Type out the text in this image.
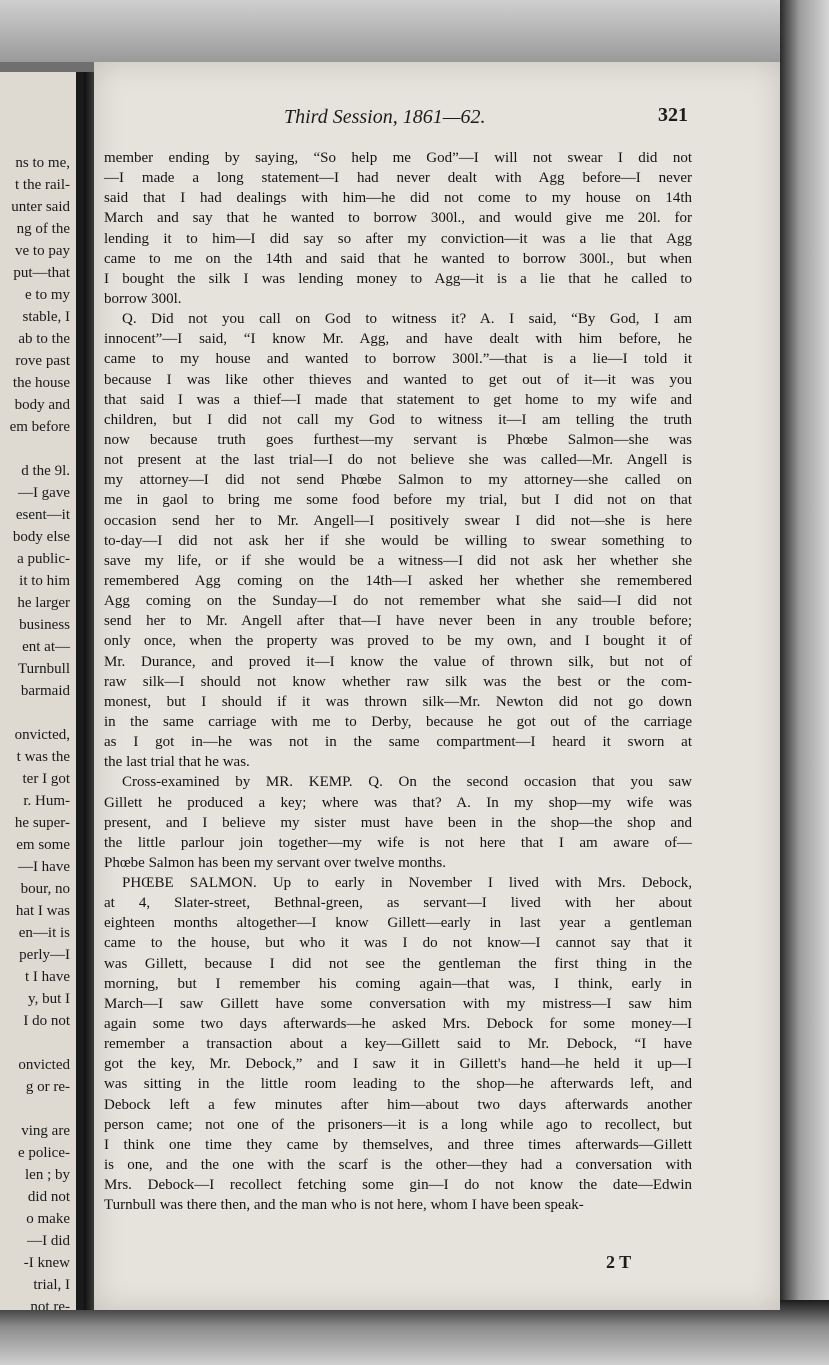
ns to me,
t the rail-
unter said
ng of the
ve to pay
put—that
e to my
stable, I
ab to the
rove past
the house
body and
em before
d the 9l.
—I gave
esent—it
body else
a public-
it to him
he larger
business
ent at—
Turnbull
barmaid
onvicted,
t was the
ter I got
r. Hum-
he super-
em some
—I have
bour, no
hat I was
en—it is
perly—I
t I have
y, but I
I do not
onvicted
g or re-
ving are
e police-
len ; by
did not
o make
—I did
-I knew
trial, I
not re-
Third Session, 1861—62.	321
member ending by saying, “So help me God”—I will not swear I did not
—I made a long statement—I had never dealt with Agg before—I never
said that I had dealings with him—he did not come to my house on 14th
March and say that he wanted to borrow 300l., and would give me 20l. for
lending it to him—I did say so after my conviction—it was a lie that Agg
came to me on the 14th and said that he wanted to borrow 300l., but when
I bought the silk I was lending money to Agg—it is a lie that he called to
borrow 300l.
Q. Did not you call on God to witness it? A. I said, “By God, I am
innocent”—I said, “I know Mr. Agg, and have dealt with him before, he
came to my house and wanted to borrow 300l.”—that is a lie—I told it
because I was like other thieves and wanted to get out of it—it was you
that said I was a thief—I made that statement to get home to my wife and
children, but I did not call my God to witness it—I am telling the truth
now because truth goes furthest—my servant is Phœbe Salmon—she was
not present at the last trial—I do not believe she was called—Mr. Angell is
my attorney—I did not send Phœbe Salmon to my attorney—she called on
me in gaol to bring me some food before my trial, but I did not on that
occasion send her to Mr. Angell—I positively swear I did not—she is here
to-day—I did not ask her if she would be willing to swear something to
save my life, or if she would be a witness—I did not ask her whether she
remembered Agg coming on the 14th—I asked her whether she remembered
Agg coming on the Sunday—I do not remember what she said—I did not
send her to Mr. Angell after that—I have never been in any trouble before;
only once, when the property was proved to be my own, and I bought it of
Mr. Durance, and proved it—I know the value of thrown silk, but not of
raw silk—I should not know whether raw silk was the best or the com-
monest, but I should if it was thrown silk—Mr. Newton did not go down
in the same carriage with me to Derby, because he got out of the carriage
as I got in—he was not in the same compartment—I heard it sworn at
the last trial that he was.
Cross-examined by MR. KEMP. Q. On the second occasion that you saw
Gillett he produced a key; where was that? A. In my shop—my wife was
present, and I believe my sister must have been in the shop—the shop and
the little parlour join together—my wife is not here that I am aware of—
Phœbe Salmon has been my servant over twelve months.
PHŒBE SALMON. Up to early in November I lived with Mrs. Debock,
at 4, Slater-street, Bethnal-green, as servant—I lived with her about
eighteen months altogether—I know Gillett—early in last year a gentleman
came to the house, but who it was I do not know—I cannot say that it
was Gillett, because I did not see the gentleman the first thing in the
morning, but I remember his coming again—that was, I think, early in
March—I saw Gillett have some conversation with my mistress—I saw him
again some two days afterwards—he asked Mrs. Debock for some money—I
remember a transaction about a key—Gillett said to Mr. Debock, “I have
got the key, Mr. Debock,” and I saw it in Gillett's hand—he held it up—I
was sitting in the little room leading to the shop—he afterwards left, and
Debock left a few minutes after him—about two days afterwards another
person came; not one of the prisoners—it is a long while ago to recollect, but
I think one time they came by themselves, and three times afterwards—Gillett
is one, and the one with the scarf is the other—they had a conversation with
Mrs. Debock—I recollect fetching some gin—I do not know the date—Edwin
Turnbull was there then, and the man who is not here, whom I have been speak-
2 T
